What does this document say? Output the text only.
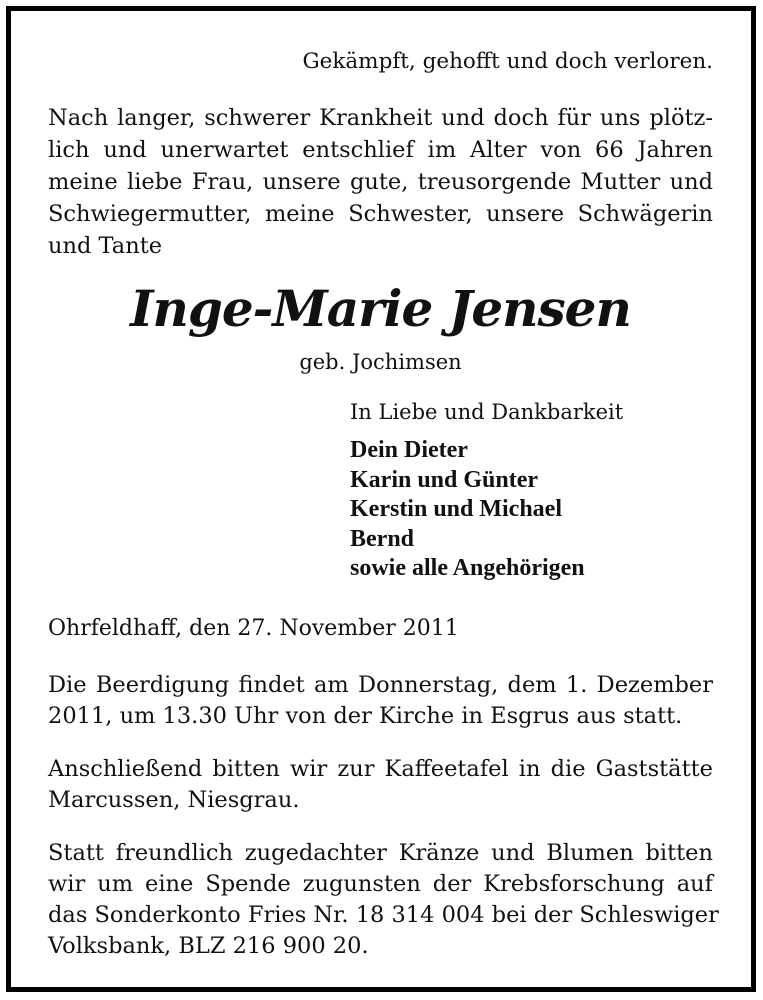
Gekämpft, gehofft und doch verloren.
Nach langer, schwerer Krankheit und doch für uns plötz-
lich und unerwartet entschlief im Alter von 66 Jahren
meine liebe Frau, unsere gute, treusorgende Mutter und
Schwiegermutter, meine Schwester, unsere Schwägerin
und Tante
Inge-Marie Jensen
geb. Jochimsen
In Liebe und Dankbarkeit
Dein Dieter
Karin und Günter
Kerstin und Michael
Bernd
sowie alle Angehörigen
Ohrfeldhaff, den 27. November 2011
Die Beerdigung findet am Donnerstag, dem 1. Dezember
2011, um 13.30 Uhr von der Kirche in Esgrus aus statt.
Anschließend bitten wir zur Kaffeetafel in die Gaststätte
Marcussen, Niesgrau.
Statt freundlich zugedachter Kränze und Blumen bitten
wir um eine Spende zugunsten der Krebsforschung auf
das Sonderkonto Fries Nr. 18 314 004 bei der Schleswiger
Volksbank, BLZ 216 900 20.
